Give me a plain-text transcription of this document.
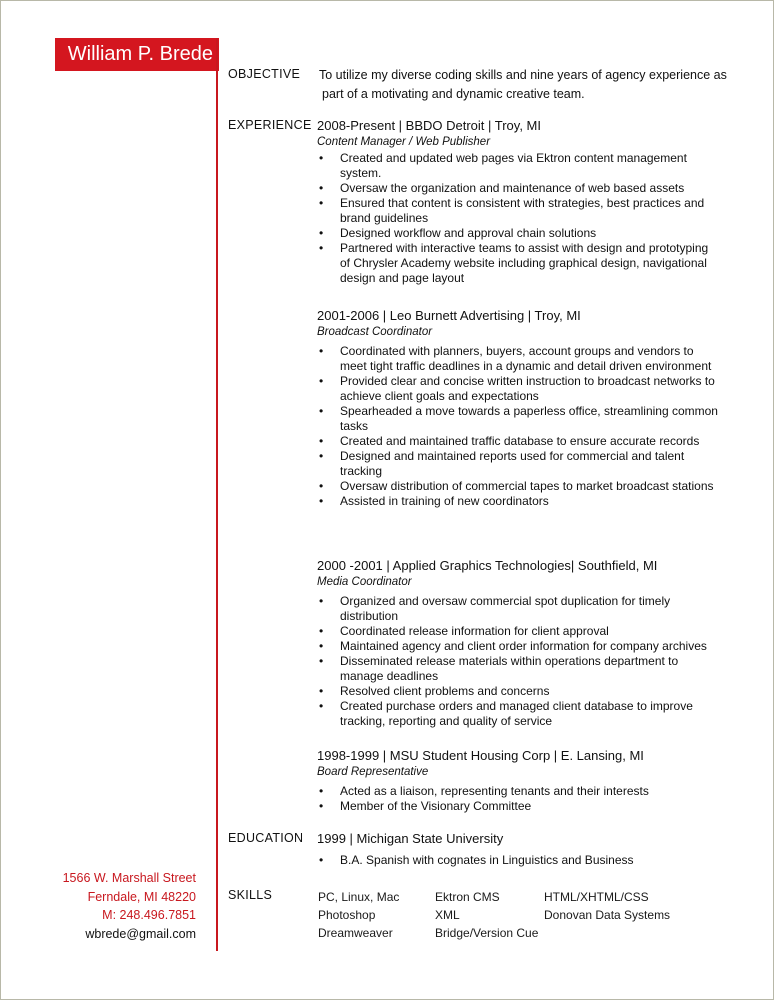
William P. Brede
OBJECTIVE To utilize my diverse coding skills and nine years of agency experience as
part of a motivating and dynamic creative team.
EXPERIENCE 2008-Present | BBDO Detroit | Troy, MI
Content Manager / Web Publisher
• Created and updated web pages via Ektron content management system.
• Oversaw the organization and maintenance of web based assets
• Ensured that content is consistent with strategies, best practices and brand guidelines
• Designed workflow and approval chain solutions
• Partnered with interactive teams to assist with design and prototyping of Chrysler Academy website including graphical design, navigational design and page layout
2001-2006 | Leo Burnett Advertising | Troy, MI
Broadcast Coordinator
• Coordinated with planners, buyers, account groups and vendors to meet tight traffic deadlines in a dynamic and detail driven environment
• Provided clear and concise written instruction to broadcast networks to achieve client goals and expectations
• Spearheaded a move towards a paperless office, streamlining common tasks
• Created and maintained traffic database to ensure accurate records
• Designed and maintained reports used for commercial and talent tracking
• Oversaw distribution of commercial tapes to market broadcast stations
• Assisted in training of new coordinators
2000 -2001 | Applied Graphics Technologies| Southfield, MI
Media Coordinator
• Organized and oversaw commercial spot duplication for timely distribution
• Coordinated release information for client approval
• Maintained agency and client order information for company archives
• Disseminated release materials within operations department to manage deadlines
• Resolved client problems and concerns
• Created purchase orders and managed client database to improve tracking, reporting and quality of service
1998-1999 | MSU Student Housing Corp | E. Lansing, MI
Board Representative
• Acted as a liaison, representing tenants and their interests
• Member of the Visionary Committee
EDUCATION 1999 | Michigan State University
• B.A. Spanish with cognates in Linguistics and Business
1566 W. Marshall Street
Ferndale, MI 48220
M: 248.496.7851
wbrede@gmail.com
SKILLS	PC, Linux, Mac
Photoshop
Dreamweaver
Ektron CMS
XML
Bridge/Version Cue
HTML/XHTML/CSS
Donovan Data Systems
